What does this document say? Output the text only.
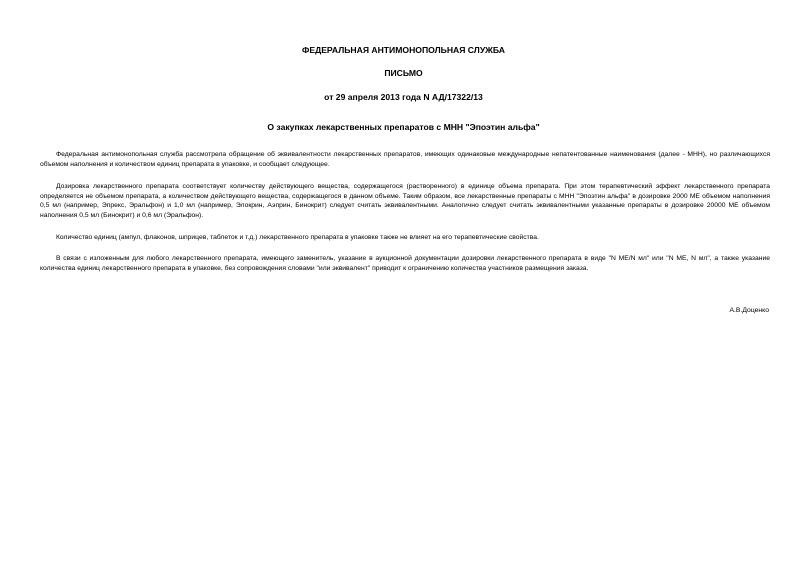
ФЕДЕРАЛЬНАЯ АНТИМОНОПОЛЬНАЯ СЛУЖБА
ПИСЬМО
от 29 апреля 2013 года N АД/17322/13
О закупках лекарственных препаратов с МНН "Эпоэтин альфа"

Федеральная антимонопольная служба рассмотрела обращение об эквивалентности лекарственных препаратов, имеющих одинаковые международные непатентованные наименования (далее - МНН), но различающихся объемом наполнения и количеством единиц препарата в упаковке, и сообщает следующее.

Дозировка лекарственного препарата соответствует количеству действующего вещества, содержащегося (растворенного) в единице объема препарата. При этом терапевтический эффект лекарственного препарата определяется не объемом препарата, а количеством действующего вещества, содержащегося в данном объеме. Таким образом, все лекарственные препараты с МНН "Эпоэтин альфа" в дозировке 2000 МЕ объемом наполнения 0,5 мл (например, Эпрекс, Эральфон) и 1,0 мл (например, Элокрин, Аэприн, Бинокрит) следует считать эквивалентными. Аналогично следует считать эквивалентными указанные препараты в дозировке 20000 МЕ объемом наполнения 0,5 мл (Бинокрит) и 0,6 мл (Эральфон).

Количество единиц (ампул, флаконов, шприцев, таблеток и т.д.) лекарственного препарата в упаковке также не влияет на его терапевтические свойства.

В связи с изложенным для любого лекарственного препарата, имеющего заменитель, указание в аукционной документации дозировки лекарственного препарата в виде "N МЕ/N мл" или "N МЕ, N мл", а также указание количества единиц лекарственного препарата в упаковке, без сопровождения словами "или эквивалент" приводит к ограничению количества участников размещения заказа.

А.В.Доценко
